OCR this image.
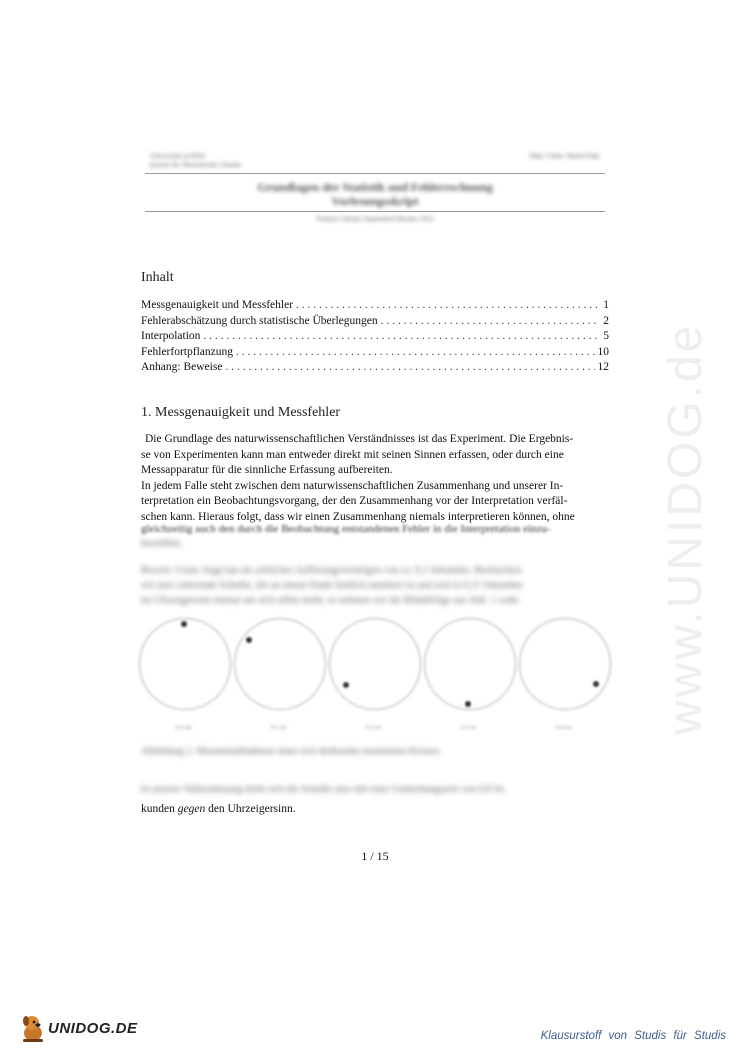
Universität zu Köln
Institut für Theoretische Chemie
Dipl.-Chem. Daniel Papr
Grundlagen der Statistik und Fehlerrechnung
Vorlesungsskript
Vorkurs Chemie September/Oktober 2012
Inhalt
Messgenauigkeit und Messfehler . . .	1
Fehlerabschätzung durch statistische Überlegungen . . .	2
Interpolation . . .	5
Fehlerfortpflanzung . . .	10
Anhang: Beweise . . .	12
1. Messgenauigkeit und Messfehler

Die Grundlage des naturwissenschaftlichen Verständnisses ist das Experiment. Die Ergebnis-

se von Experimenten kann man entweder direkt mit seinen Sinnen erfassen, oder durch eine

Messapparatur für die sinnliche Erfassung aufbereiten.

In jedem Falle steht zwischen dem naturwissenschaftlichen Zusammenhang und unserer In-

terpretation ein Beobachtungsvorgang, der den Zusammenhang vor der Interpretation verfäl-

schen kann. Hieraus folgt, dass wir einen Zusammenhang niemals interpretieren können, ohne

gleichzeitig auch den durch die Beobachtung entstandenen Fehler in die Interpretation einzu-
beziehen.
Beweis: Unser Auge hat ein zeitliches Auflösungsvermögen von ca. 0,1 Sekunden. Beobachten
wir eine rotierende Scheibe, die an einem Punkt farblich markiert ist und sich in 0,11 Sekunden
im Uhrzeigersinn einmal um sich selbst dreht, so nehmen wir die Bildabfolge aus Abb. 1 wahr.
0,0 sec	0,1 sec	0,2 sec	0,3 sec	0,4 sec
Abbildung 1: Momentaufnahmen eines sich drehenden markierten Kreises.
In unserer Wahrnehmung dreht sich die Scheibe also mit einer Umdrehungszeit von 0,8 Se-
kunden gegen den Uhrzeigersinn.
1 / 15
www.UNIDOG.de
UNIDOG.DE	Klausurstoff von Studis für Studis
